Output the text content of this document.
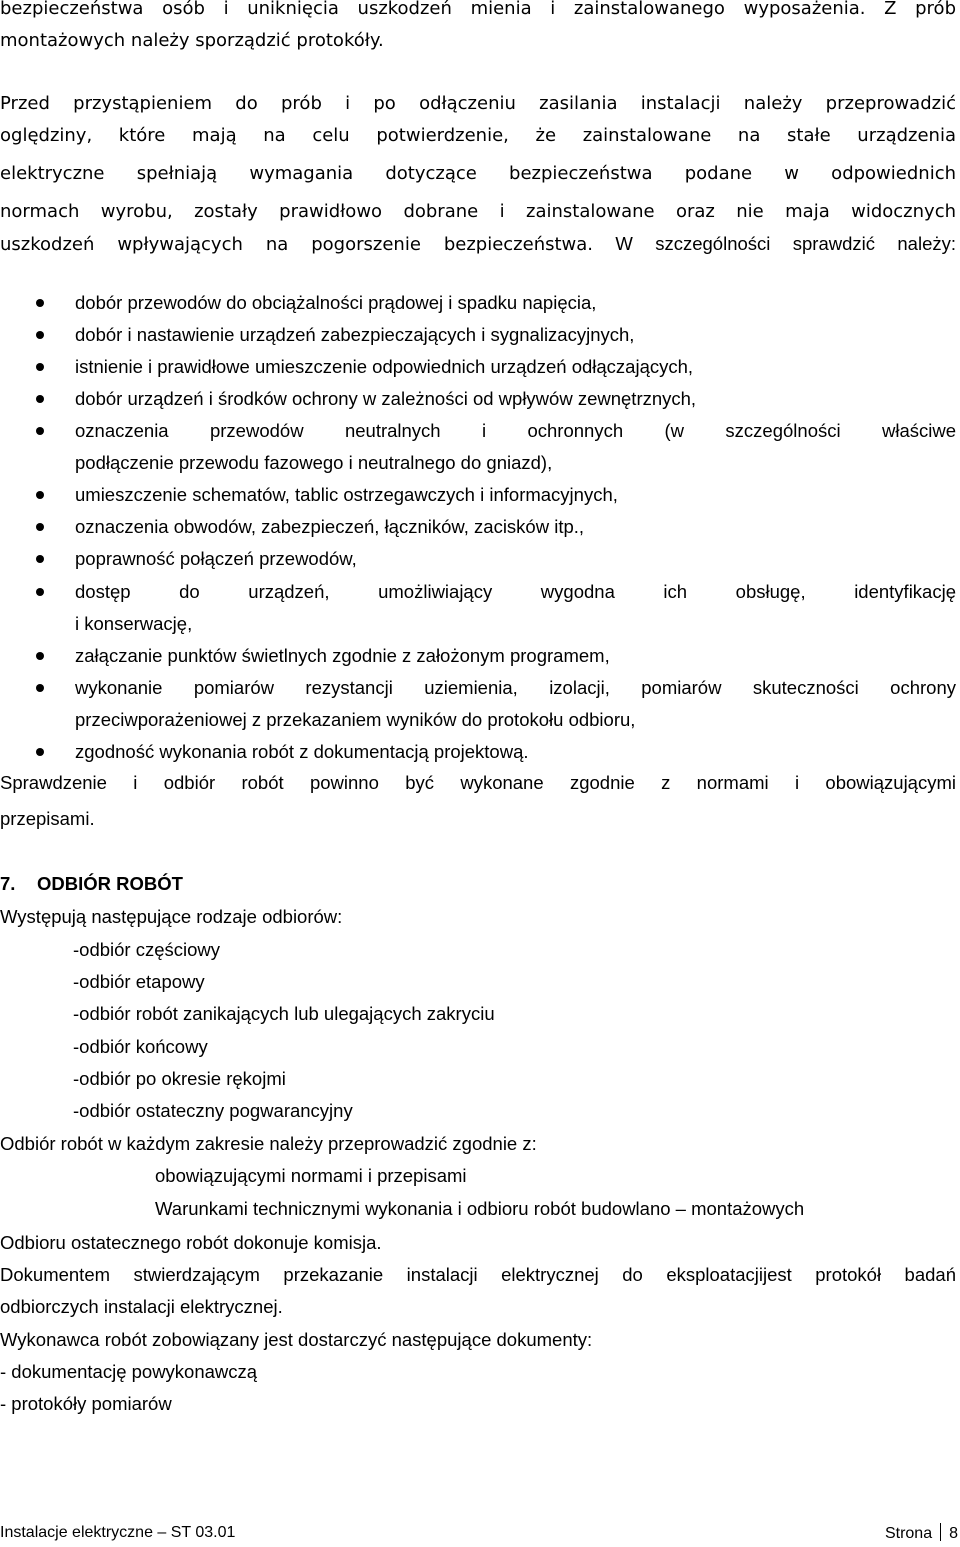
bezpieczeństwa osób i uniknięcia uszkodzeń mienia i zainstalowanego wyposażenia. Z prób
montażowych należy sporządzić protokóły.
Przed przystąpieniem do prób i po odłączeniu zasilania instalacji należy przeprowadzić
oględziny, które mają na celu potwierdzenie, że zainstalowane na stałe urządzenia
elektryczne spełniają wymagania dotyczące bezpieczeństwa podane w odpowiednich
normach wyrobu, zostały prawidłowo dobrane i zainstalowane oraz nie maja widocznych
uszkodzeń wpływających na pogorszenie bezpieczeństwa. W szczególności sprawdzić należy:
dobór przewodów do obciążalności prądowej i spadku napięcia,
dobór i nastawienie urządzeń zabezpieczających i sygnalizacyjnych,
istnienie i prawidłowe umieszczenie odpowiednich urządzeń odłączających,
dobór urządzeń i środków ochrony w zależności od wpływów zewnętrznych,
oznaczenia przewodów neutralnych i ochronnych (w szczególności właściwe
podłączenie przewodu fazowego i neutralnego do gniazd),
umieszczenie schematów, tablic ostrzegawczych i informacyjnych,
oznaczenia obwodów, zabezpieczeń, łączników, zacisków itp.,
poprawność połączeń przewodów,
dostęp do urządzeń, umożliwiający wygodna ich obsługę, identyfikację
i konserwację,
załączanie punktów świetlnych zgodnie z założonym programem,
wykonanie pomiarów rezystancji uziemienia, izolacji, pomiarów skuteczności ochrony
przeciwporażeniowej z przekazaniem wyników do protokołu odbioru,
zgodność wykonania robót z dokumentacją projektową.
Sprawdzenie i odbiór robót powinno być wykonane zgodnie z normami i obowiązującymi
przepisami.
7. ODBIÓR ROBÓT
Występują następujące rodzaje odbiorów:
-odbiór częściowy
-odbiór etapowy
-odbiór robót zanikających lub ulegających zakryciu
-odbiór końcowy
-odbiór po okresie rękojmi
-odbiór ostateczny pogwarancyjny
Odbiór robót w każdym zakresie należy przeprowadzić zgodnie z:
obowiązującymi normami i przepisami
Warunkami technicznymi wykonania i odbioru robót budowlano – montażowych
Odbioru ostatecznego robót dokonuje komisja.
Dokumentem stwierdzającym przekazanie instalacji elektrycznej do eksploatacjijest protokół badań
odbiorczych instalacji elektrycznej.
Wykonawca robót zobowiązany jest dostarczyć następujące dokumenty:
- dokumentację powykonawczą
- protokóły pomiarów
Instalacje elektryczne – ST 03.01	Strona 8
